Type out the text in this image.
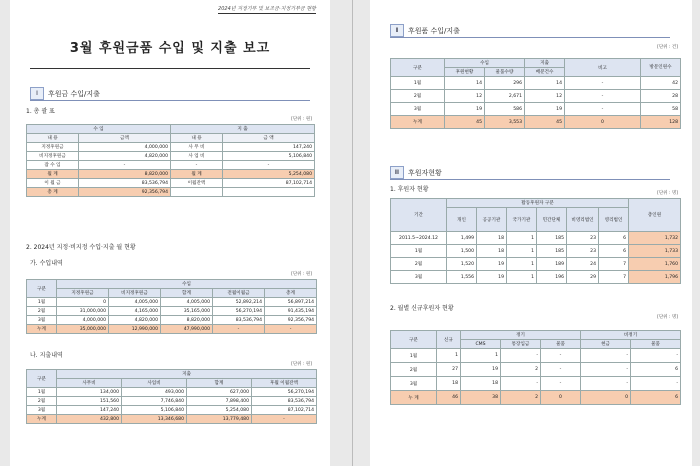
2024년 지정기부 및 보조금·지정기부금 현황
3월 후원금품 수입 및 지출 보고
Ⅰ	후원금 수입/지출
1. 총 괄 표
[단위 : 원]
수 입		지 출	
내 용	금액	내 용	금 액
지정후원금	4,000,000	사 무 비	147,240
비지정후원금	4,820,000	사 업 비	5,106,840
잡 수 입	-	-	-
월 계	8,820,000	월 계	5,254,080
이 월 금	83,536,794	이월잔액	87,102,714
총 계	92,356,794		
2. 2024년 지정·비지정 수입·지출 월 현황
가. 수입내역
[단위 : 원]
구분	수입				
	지정후원금	비지정후원금	합계	전월이월금	총계
1월	0	4,005,000	4,005,000	52,892,214	56,897,214
2월	31,000,000	4,165,000	35,165,000	56,270,194	91,435,194
3월	4,000,000	4,820,000	8,820,000	83,536,794	92,356,794
누계	35,000,000	12,990,000	47,990,000	-	-
나. 지출내역
[단위 : 원]
구분	지출			
	사무비	사업비	합계	후월 이월잔액
1월	134,000	493,000	627,000	56,270,194
2월	151,560	7,746,840	7,898,400	83,536,794
3월	147,240	5,106,840	5,254,080	87,102,714
누계	432,800	13,346,680	13,779,480	-
Ⅱ	후원품 수입/지출
[단위 : 건]
구분	수입		지출	비고	방문인원수
	후원현황	물품수량	배분건수		
1월	14	296	14	-	42
2월	12	2,671	12	-	28
3월	19	586	19	-	58
누계	45	3,553	45	0	128
Ⅲ	후원자현황
1. 후원자 현황
[단위 : 명]
기간	활동후원자 구분						총인원
	개인	공공기관	국가기관	민간단체	비영리법인	영리법인	
2011.5~2024.12	1,499	18	1	185	23	6	1,732
1월	1,500	18	1	185	23	6	1,733
2월	1,520	19	1	189	24	7	1,760
3월	1,556	19	1	196	29	7	1,796
2. 월별 신규후원자 현황
[단위 : 명]
구분	신규	정기			비정기	
		CMS	통장입금	물품	현금	물품
1월	1	1	-	-	-	-
2월	27	19	2	-	-	6
3월	18	18	-	-	-	-
누 계	46	38	2	0	0	6
